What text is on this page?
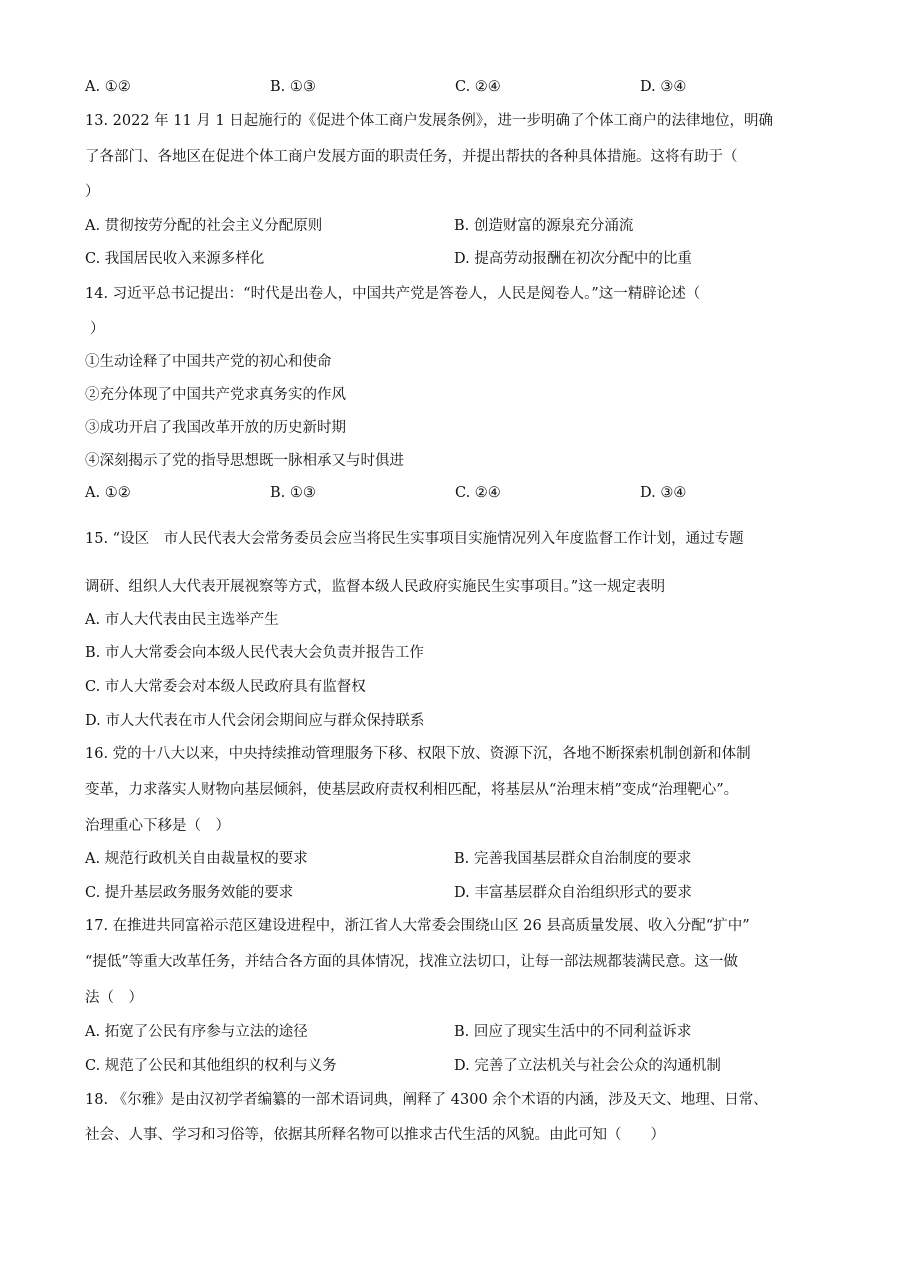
A. ①②	B. ①③	C. ②④	D. ③④
13. 2022 年 11 月 1 日起施行的《促进个体工商户发展条例》，进一步明确了个体工商户的法律地位，明确
了各部门、各地区在促进个体工商户发展方面的职责任务，并提出帮扶的各种具体措施。这将有助于（
）
A. 贯彻按劳分配的社会主义分配原则	B. 创造财富的源泉充分涌流
C. 我国居民收入来源多样化	D. 提高劳动报酬在初次分配中的比重
14. 习近平总书记提出：“时代是出卷人，中国共产党是答卷人，人民是阅卷人。”这一精辟论述（
）
①生动诠释了中国共产党的初心和使命
②充分体现了中国共产党求真务实的作风
③成功开启了我国改革开放的历史新时期
④深刻揭示了党的指导思想既一脉相承又与时俱进
A. ①②	B. ①③	C. ②④	D. ③④
15. “设区　市人民代表大会常务委员会应当将民生实事项目实施情况列入年度监督工作计划，通过专题
调研、组织人大代表开展视察等方式，监督本级人民政府实施民生实事项目。”这一规定表明
A. 市人大代表由民主选举产生
B. 市人大常委会向本级人民代表大会负责并报告工作
C. 市人大常委会对本级人民政府具有监督权
D. 市人大代表在市人代会闭会期间应与群众保持联系
16. 党的十八大以来，中央持续推动管理服务下移、权限下放、资源下沉，各地不断探索机制创新和体制
变革，力求落实人财物向基层倾斜，使基层政府责权利相匹配，将基层从“治理末梢”变成“治理靶心”。
治理重心下移是（　）
A. 规范行政机关自由裁量权的要求	B. 完善我国基层群众自治制度的要求
C. 提升基层政务服务效能的要求	D. 丰富基层群众自治组织形式的要求
17. 在推进共同富裕示范区建设进程中，浙江省人大常委会围绕山区 26 县高质量发展、收入分配“扩中”
“提低”等重大改革任务，并结合各方面的具体情况，找准立法切口，让每一部法规都装满民意。这一做
法（　）
A. 拓宽了公民有序参与立法的途径	B. 回应了现实生活中的不同利益诉求
C. 规范了公民和其他组织的权利与义务	D. 完善了立法机关与社会公众的沟通机制
18. 《尔雅》是由汉初学者编纂的一部术语词典，阐释了 4300 余个术语的内涵，涉及天文、地理、日常、
社会、人事、学习和习俗等，依据其所释名物可以推求古代生活的风貌。由此可知（　　）
